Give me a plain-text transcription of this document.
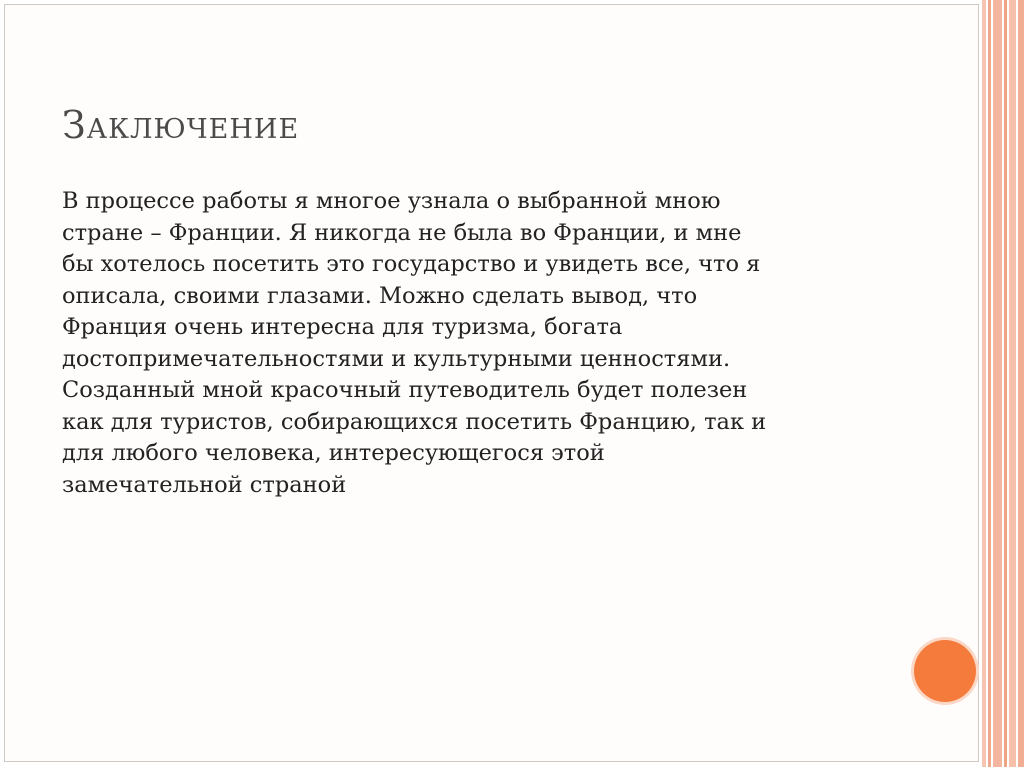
Заключение

В процессе работы я многое узнала о выбранной мною
стране – Франции. Я никогда не была во Франции, и мне
бы хотелось посетить это государство и увидеть все, что я
описала, своими глазами. Можно сделать вывод, что
Франция очень интересна для туризма, богата
достопримечательностями и культурными ценностями.
Созданный мной красочный путеводитель будет полезен
как для туристов, собирающихся посетить Францию, так и
для любого человека, интересующегося этой
замечательной страной
